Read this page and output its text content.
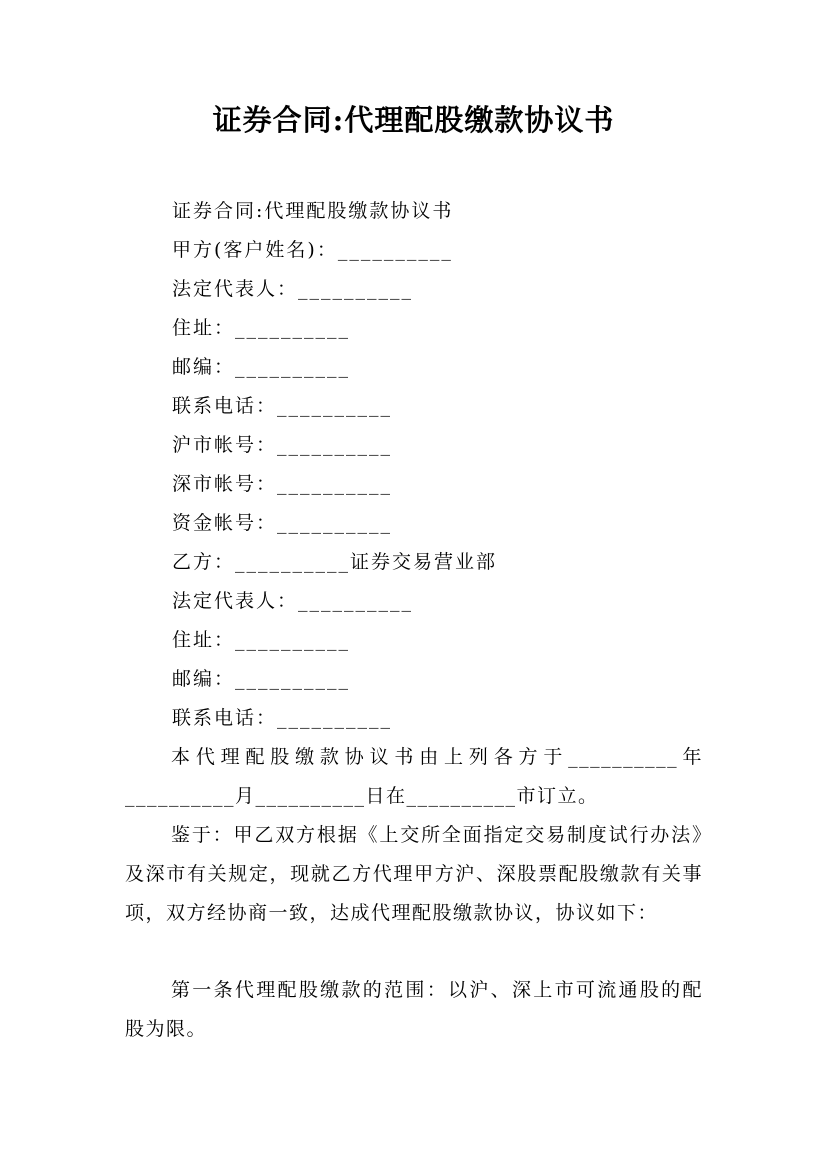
证券合同:代理配股缴款协议书
证券合同:代理配股缴款协议书
甲方(客户姓名)：__________
法定代表人：__________
住址：__________
邮编：__________
联系电话：__________
沪市帐号：__________
深市帐号：__________
资金帐号：__________
乙方：__________证券交易营业部
法定代表人：__________
住址：__________
邮编：__________
联系电话：__________
本代理配股缴款协议书由上列各方于__________年__________月__________日在__________市订立。
鉴于：甲乙双方根据《上交所全面指定交易制度试行办法》及深市有关规定，现就乙方代理甲方沪、深股票配股缴款有关事项，双方经协商一致，达成代理配股缴款协议，协议如下：
第一条代理配股缴款的范围：以沪、深上市可流通股的配股为限。
